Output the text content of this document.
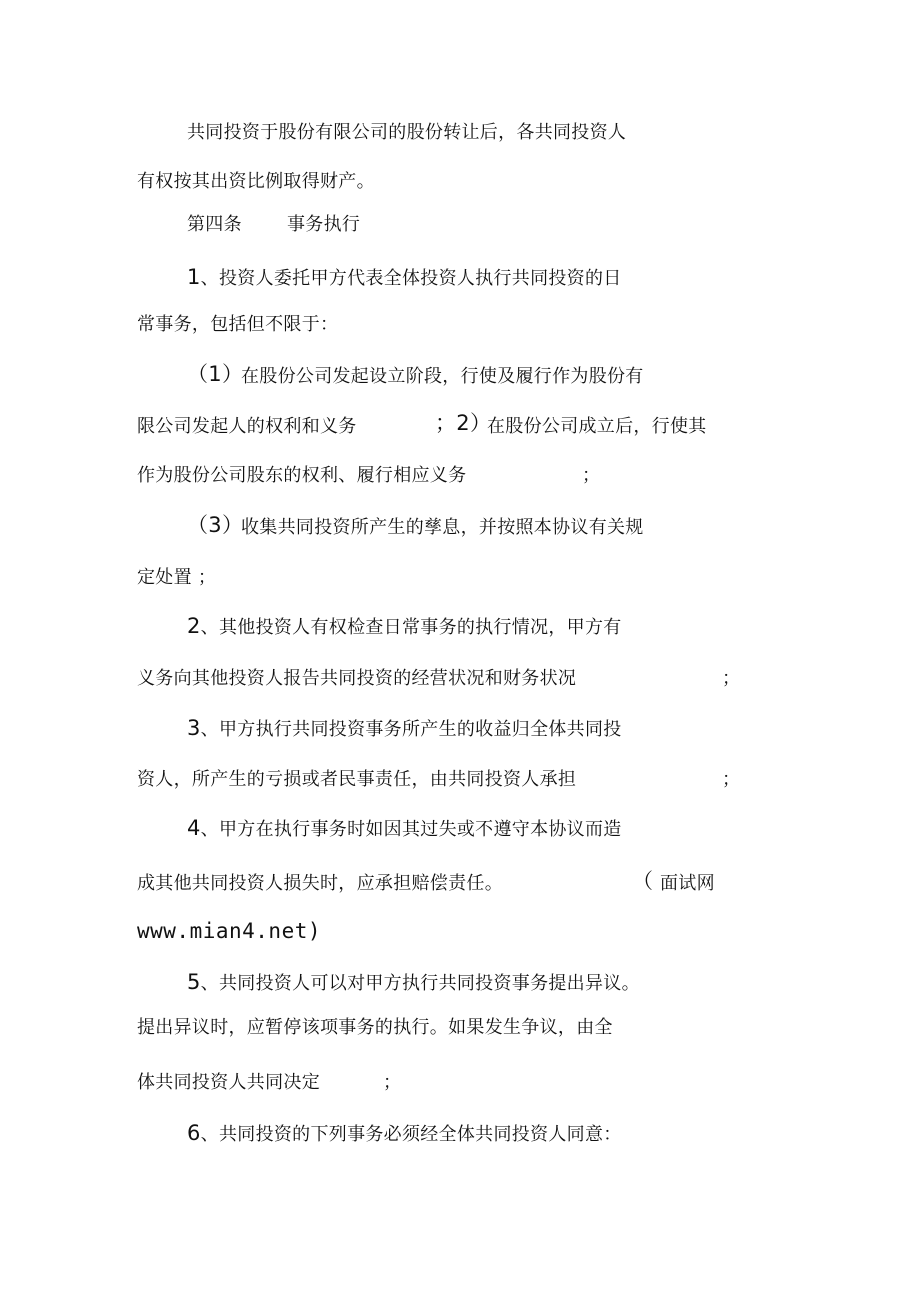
共同投资于股份有限公司的股份转让后，各共同投资人
有权按其出资比例取得财产。
第四条	事务执行
1、投资人委托甲方代表全体投资人执行共同投资的日
常事务，包括但不限于：
（1）
在股份公司发起设立阶段，行使及履行作为股份有
限公司发起人的权利和义务	；2）
在股份公司成立后，行使其
作为股份公司股东的权利、履行相应义务	；
（3）
收集共同投资所产生的孳息，并按照本协议有关规
定处置 ；
2、其他投资人有权检查日常事务的执行情况，甲方有
义务向其他投资人报告共同投资的经营状况和财务状况	；
3、甲方执行共同投资事务所产生的收益归全体共同投
资人，所产生的亏损或者民事责任，由共同投资人承担	；
4、甲方在执行事务时如因其过失或不遵守本协议而造
成其他共同投资人损失时，应承担赔偿责任。	（ 面试网
www.mian4.net)
5、共同投资人可以对甲方执行共同投资事务提出异议。
提出异议时，应暂停该项事务的执行。如果发生争议，由全
体共同投资人共同决定	；
6、共同投资的下列事务必须经全体共同投资人同意：
